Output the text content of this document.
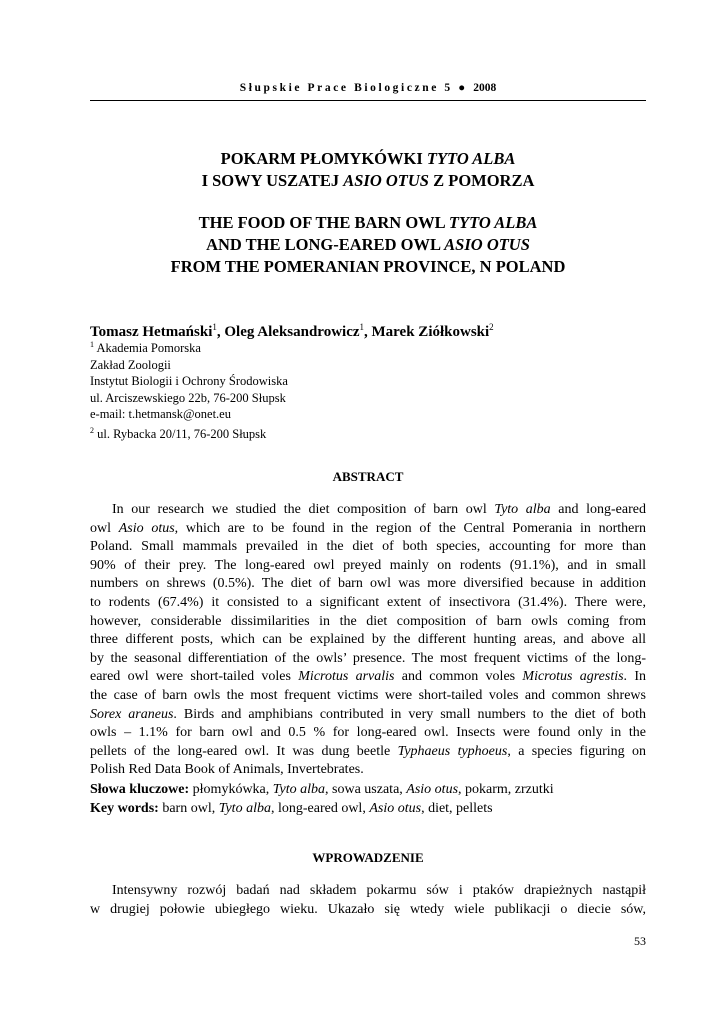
Słupskie Prace Biologiczne 5 ● 2008
POKARM PŁOMYKÓWKI TYTO ALBA
I SOWY USZATEJ ASIO OTUS Z POMORZA
THE FOOD OF THE BARN OWL TYTO ALBA
AND THE LONG-EARED OWL ASIO OTUS
FROM THE POMERANIAN PROVINCE, N POLAND
Tomasz Hetmański$^1$, Oleg Aleksandrowicz$^1$, Marek Ziółkowski$^2$
$^1$ Akademia Pomorska
Zakład Zoologii
Instytut Biologii i Ochrony Środowiska
ul. Arciszewskiego 22b, 76-200 Słupsk
e-mail: t.hetmansk@onet.eu
$^2$ ul. Rybacka 20/11, 76-200 Słupsk
ABSTRACT
In our research we studied the diet composition of barn owl Tyto alba and long-eared
owl Asio otus, which are to be found in the region of the Central Pomerania in northern
Poland. Small mammals prevailed in the diet of both species, accounting for more than
90% of their prey. The long-eared owl preyed mainly on rodents (91.1%), and in small
numbers on shrews (0.5%). The diet of barn owl was more diversified because in addition
to rodents (67.4%) it consisted to a significant extent of insectivora (31.4%). There were,
however, considerable dissimilarities in the diet composition of barn owls coming from
three different posts, which can be explained by the different hunting areas, and above all
by the seasonal differentiation of the owls’ presence. The most frequent victims of the long-
eared owl were short-tailed voles Microtus arvalis and common voles Microtus agrestis. In
the case of barn owls the most frequent victims were short-tailed voles and common shrews
Sorex araneus. Birds and amphibians contributed in very small numbers to the diet of both
owls – 1.1% for barn owl and 0.5 % for long-eared owl. Insects were found only in the
pellets of the long-eared owl. It was dung beetle Typhaeus typhoeus, a species figuring on
Polish Red Data Book of Animals, Invertebrates.
Słowa kluczowe: płomykówka, Tyto alba, sowa uszata, Asio otus, pokarm, zrzutki
Key words: barn owl, Tyto alba, long-eared owl, Asio otus, diet, pellets
WPROWADZENIE
Intensywny rozwój badań nad składem pokarmu sów i ptaków drapieżnych nastąpił
w drugiej połowie ubiegłego wieku. Ukazało się wtedy wiele publikacji o diecie sów,
53
